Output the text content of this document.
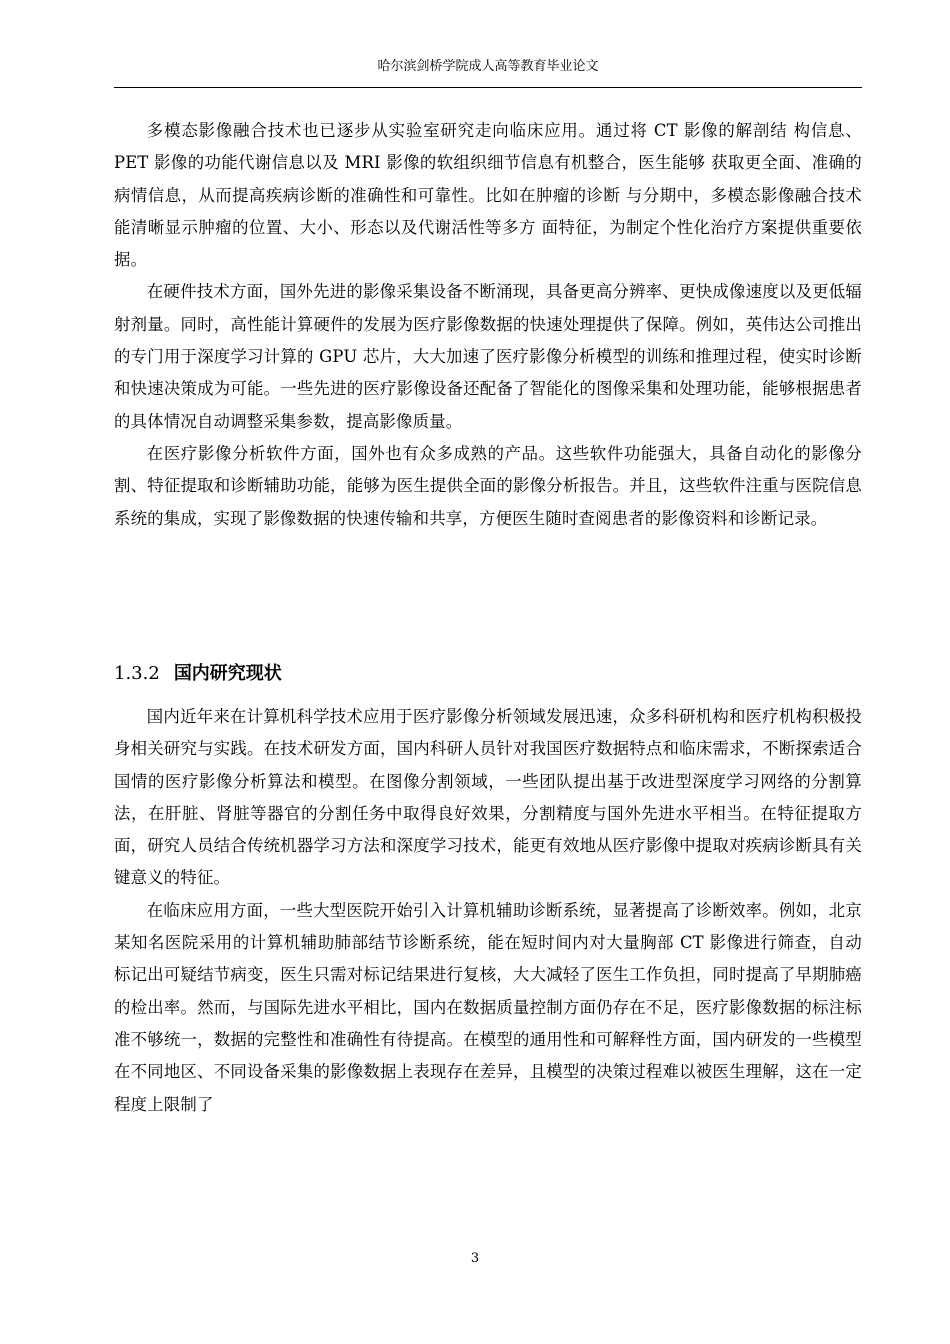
哈尔滨剑桥学院成人高等教育毕业论文

多模态影像融合技术也已逐步从实验室研究走向临床应用。通过将 CT 影像的解剖结 构信息、PET 影像的功能代谢信息以及 MRI 影像的软组织细节信息有机整合，医生能够 获取更全面、准确的病情信息，从而提高疾病诊断的准确性和可靠性。比如在肿瘤的诊断 与分期中，多模态影像融合技术能清晰显示肿瘤的位置、大小、形态以及代谢活性等多方 面特征，为制定个性化治疗方案提供重要依据。

在硬件技术方面，国外先进的影像采集设备不断涌现，具备更高分辨率、更快成像速度以及更低辐射剂量。同时，高性能计算硬件的发展为医疗影像数据的快速处理提供了保障。例如，英伟达公司推出的专门用于深度学习计算的 GPU 芯片，大大加速了医疗影像分析模型的训练和推理过程，使实时诊断和快速决策成为可能。一些先进的医疗影像设备还配备了智能化的图像采集和处理功能，能够根据患者的具体情况自动调整采集参数，提高影像质量。

在医疗影像分析软件方面，国外也有众多成熟的产品。这些软件功能强大，具备自动化的影像分割、特征提取和诊断辅助功能，能够为医生提供全面的影像分析报告。并且，这些软件注重与医院信息系统的集成，实现了影像数据的快速传输和共享，方便医生随时查阅患者的影像资料和诊断记录。

1.3.2 国内研究现状

国内近年来在计算机科学技术应用于医疗影像分析领域发展迅速，众多科研机构和医疗机构积极投身相关研究与实践。在技术研发方面，国内科研人员针对我国医疗数据特点和临床需求，不断探索适合国情的医疗影像分析算法和模型。在图像分割领域，一些团队提出基于改进型深度学习网络的分割算法，在肝脏、肾脏等器官的分割任务中取得良好效果，分割精度与国外先进水平相当。在特征提取方面，研究人员结合传统机器学习方法和深度学习技术，能更有效地从医疗影像中提取对疾病诊断具有关键意义的特征。

在临床应用方面，一些大型医院开始引入计算机辅助诊断系统，显著提高了诊断效率。例如，北京某知名医院采用的计算机辅助肺部结节诊断系统，能在短时间内对大量胸部 CT 影像进行筛查，自动标记出可疑结节病变，医生只需对标记结果进行复核，大大减轻了医生工作负担，同时提高了早期肺癌的检出率。然而，与国际先进水平相比，国内在数据质量控制方面仍存在不足，医疗影像数据的标注标准不够统一，数据的完整性和准确性有待提高。在模型的通用性和可解释性方面，国内研发的一些模型在不同地区、不同设备采集的影像数据上表现存在差异，且模型的决策过程难以被医生理解，这在一定程度上限制了

3
